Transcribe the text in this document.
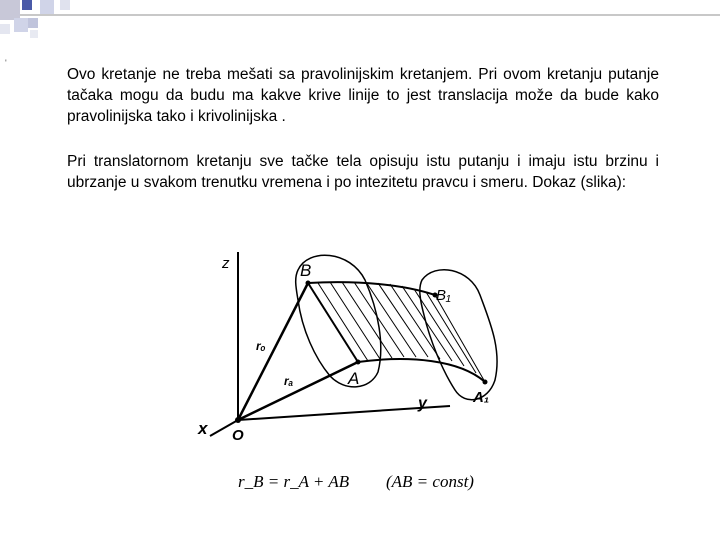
'

Ovo kretanje ne treba mešati sa pravolinijskim kretanjem. Pri ovom kretanju putanje tačaka mogu da budu ma kakve krive linije to jest translacija može da bude kako pravolinijska tako i krivolinijska .

Pri translatornom kretanju sve tačke tela opisuju istu putanju i imaju istu brzinu i ubrzanje u svakom trenutku vremena i po intezitetu pravcu i smeru. Dokaz (slika):

z
x
y
O
B
B₁
A
A₁
rₒ
rₐ
r_B = r_A + AB (AB = const)
